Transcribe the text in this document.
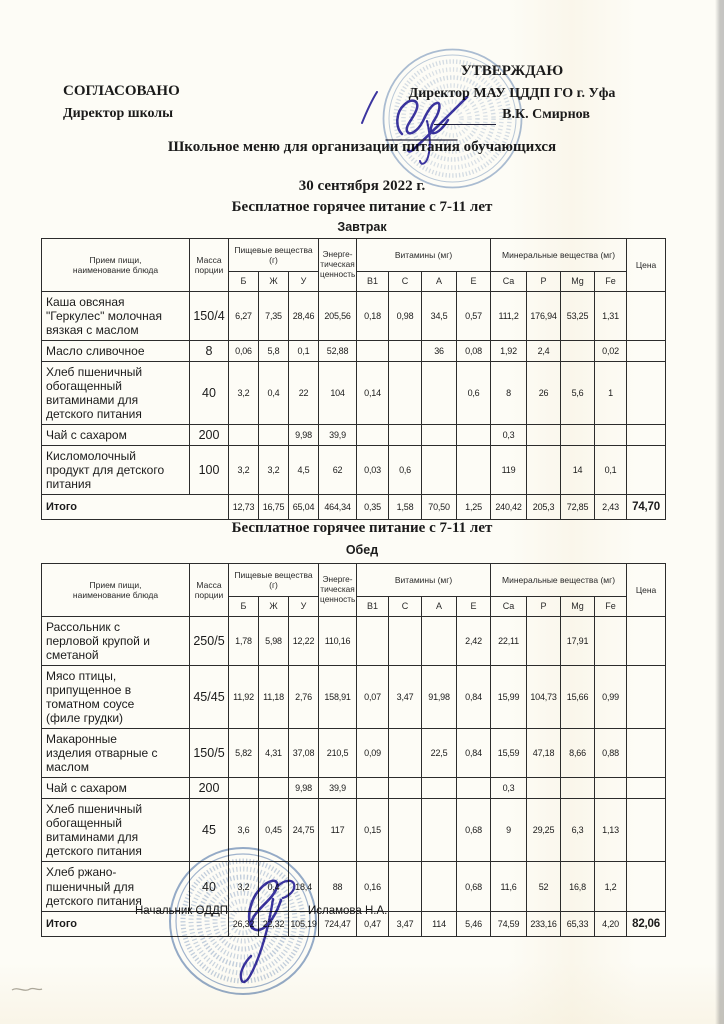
СОГЛАСОВАНО
Директор школы
УТВЕРЖДАЮ
Директор МАУ ЦДДП ГО г. Уфа
В.К. Смирнов
Школьное меню для организации питания обучающихся
30 сентября 2022 г.
Бесплатное горячее питание с 7-11 лет
Завтрак
Прием пищи, наименование блюда	Масса порции	Пищевые вещества (г)			Энерге-тическая ценность	Витамины (мг)				Минеральные вещества (мг)				Цена
		Б	Ж	У		B1	C	A	E	Ca	P	Mg	Fe	
Каша овсяная "Геркулес" молочная вязкая с маслом	150/4	6,27	7,35	28,46	205,56	0,18	0,98	34,5	0,57	111,2	176,94	53,25	1,31	
Масло сливочное	8	0,06	5,8	0,1	52,88			36	0,08	1,92	2,4		0,02	
Хлеб пшеничный обогащенный витаминами для детского питания	40	3,2	0,4	22	104	0,14			0,6	8	26	5,6	1	
Чай с сахаром	200			9,98	39,9					0,3				
Кисломолочный продукт для детского питания	100	3,2	3,2	4,5	62	0,03	0,6			119		14	0,1	
Итого		12,73	16,75	65,04	464,34	0,35	1,58	70,50	1,25	240,42	205,3	72,85	2,43	74,70
Бесплатное горячее питание с 7-11 лет
Обед
Прием пищи, наименование блюда	Масса порции	Пищевые вещества (г)			Энерге-тическая ценность	Витамины (мг)				Минеральные вещества (мг)				Цена
		Б	Ж	У		B1	C	A	E	Ca	P	Mg	Fe	
Рассольник с перловой крупой и сметаной	250/5	1,78	5,98	12,22	110,16				2,42	22,11		17,91		
Мясо птицы, припущенное в томатном соусе (филе грудки)	45/45	11,92	11,18	2,76	158,91	0,07	3,47	91,98	0,84	15,99	104,73	15,66	0,99	
Макаронные изделия отварные с маслом	150/5	5,82	4,31	37,08	210,5	0,09		22,5	0,84	15,59	47,18	8,66	0,88	
Чай с сахаром	200			9,98	39,9					0,3				
Хлеб пшеничный обогащенный витаминами для детского питания	45	3,6	0,45	24,75	117	0,15			0,68	9	29,25	6,3	1,13	
Хлеб ржано-пшеничный для детского питания	40	3,2	0,4	18,4	88	0,16			0,68	11,6	52	16,8	1,2	
Итого		26,32	22,32	105,19	724,47	0,47	3,47	114	5,46	74,59	233,16	65,33	4,20	82,06
Начальник ОДДП	Исламова Н.А.
